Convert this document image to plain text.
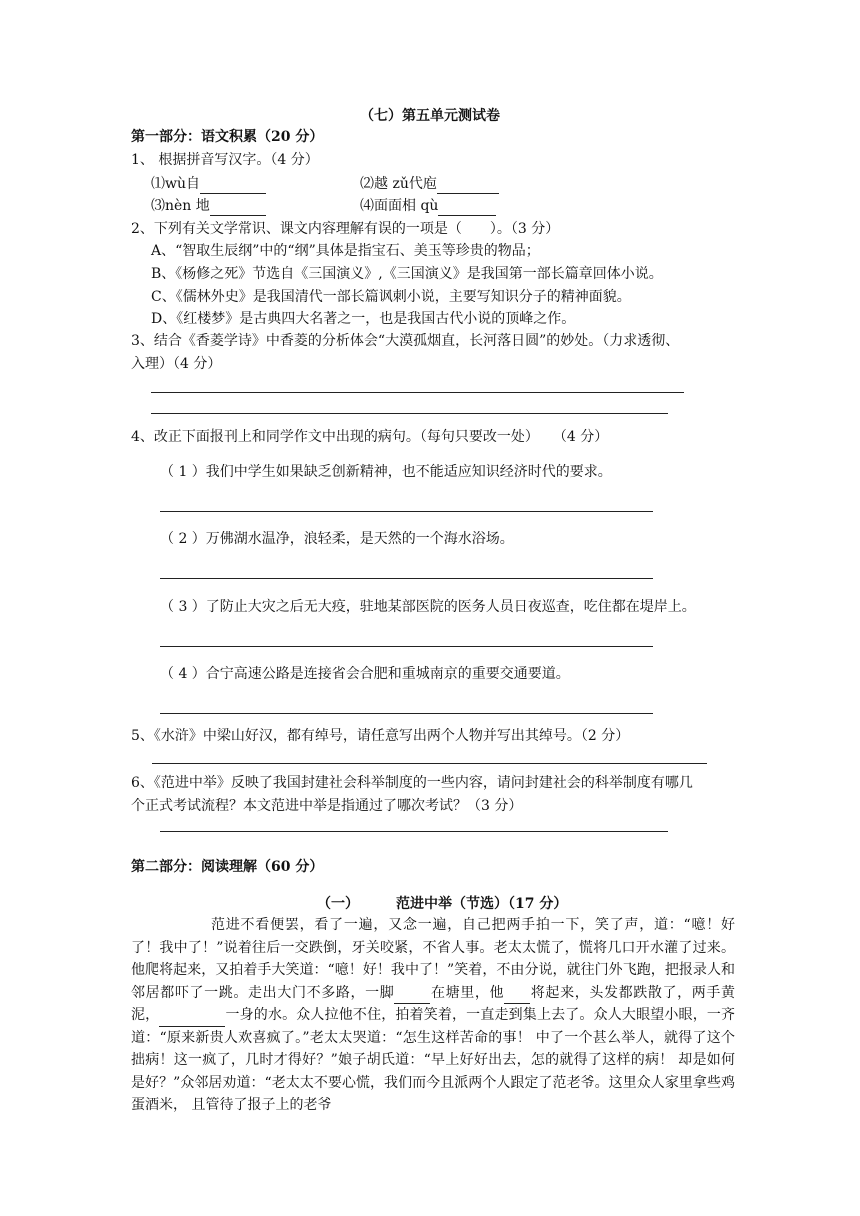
（七）第五单元测试卷
第一部分：语文积累（20 分）
1、 根据拼音写汉字。（4 分）
⑴wù自	⑵越 zǔ代庖
⑶nèn 地	⑷面面相 qù
2、下列有关文学常识、课文内容理解有误的一项是（　　）。（3 分）
A、“智取生辰纲”中的“纲”具体是指宝石、美玉等珍贵的物品；
B、《杨修之死》节选自《三国演义》,《三国演义》是我国第一部长篇章回体小说。
C、《儒林外史》是我国清代一部长篇讽刺小说，主要写知识分子的精神面貌。
D、《红楼梦》是古典四大名著之一，也是我国古代小说的顶峰之作。
3、结合《香菱学诗》中香菱的分析体会“大漠孤烟直，长河落日圆”的妙处。（力求透彻、
入理）（4 分）
4、改正下面报刊上和同学作文中出现的病句。（每句只要改一处）　　（4 分）
（ 1 ）我们中学生如果缺乏创新精神，也不能适应知识经济时代的要求。
（ 2 ）万佛湖水温净，浪轻柔，是天然的一个海水浴场。
（ 3 ）了防止大灾之后无大疫，驻地某部医院的医务人员日夜巡查，吃住都在堤岸上。
（ 4 ）合宁高速公路是连接省会合肥和重城南京的重要交通要道。
5、《水浒》中梁山好汉，都有绰号，请任意写出两个人物并写出其绰号。（2 分）
6、《范进中举》反映了我国封建社会科举制度的一些内容，请问封建社会的科举制度有哪几
个正式考试流程？本文范进中举是指通过了哪次考试？（3 分）
第二部分：阅读理解（60 分）
（一）	范进中举（节选）（17 分）
范进不看便罢，看了一遍，又念一遍，自己把两手拍一下，笑了声，道：“噫！好了！我中了！”说着往后一交跌倒，牙关咬紧，不省人事。老太太慌了，慌将几口开水灌了过来。他爬将起来，又拍着手大笑道：“噫！好！我中了！”笑着，不由分说，就往门外飞跑，把报录人和邻居都吓了一跳。走出大门不多路，一脚	在塘里，他 将起来，头发都跌散了，两手黄泥，	一身的水。众人拉他不住，拍着笑着，一直走到集上去了。众人大眼望小眼，一齐道：“原来新贵人欢喜疯了。”老太太哭道：“怎生这样苦命的事！ 中了一个甚么举人，就得了这个拙病！这一疯了，几时才得好？”娘子胡氏道：“早上好好出去，怎的就得了这样的病！ 却是如何是好？”众邻居劝道：“老太太不要心慌，我们而今且派两个人跟定了范老爷。这里众人家里拿些鸡蛋酒米， 且管待了报子上的老爷
